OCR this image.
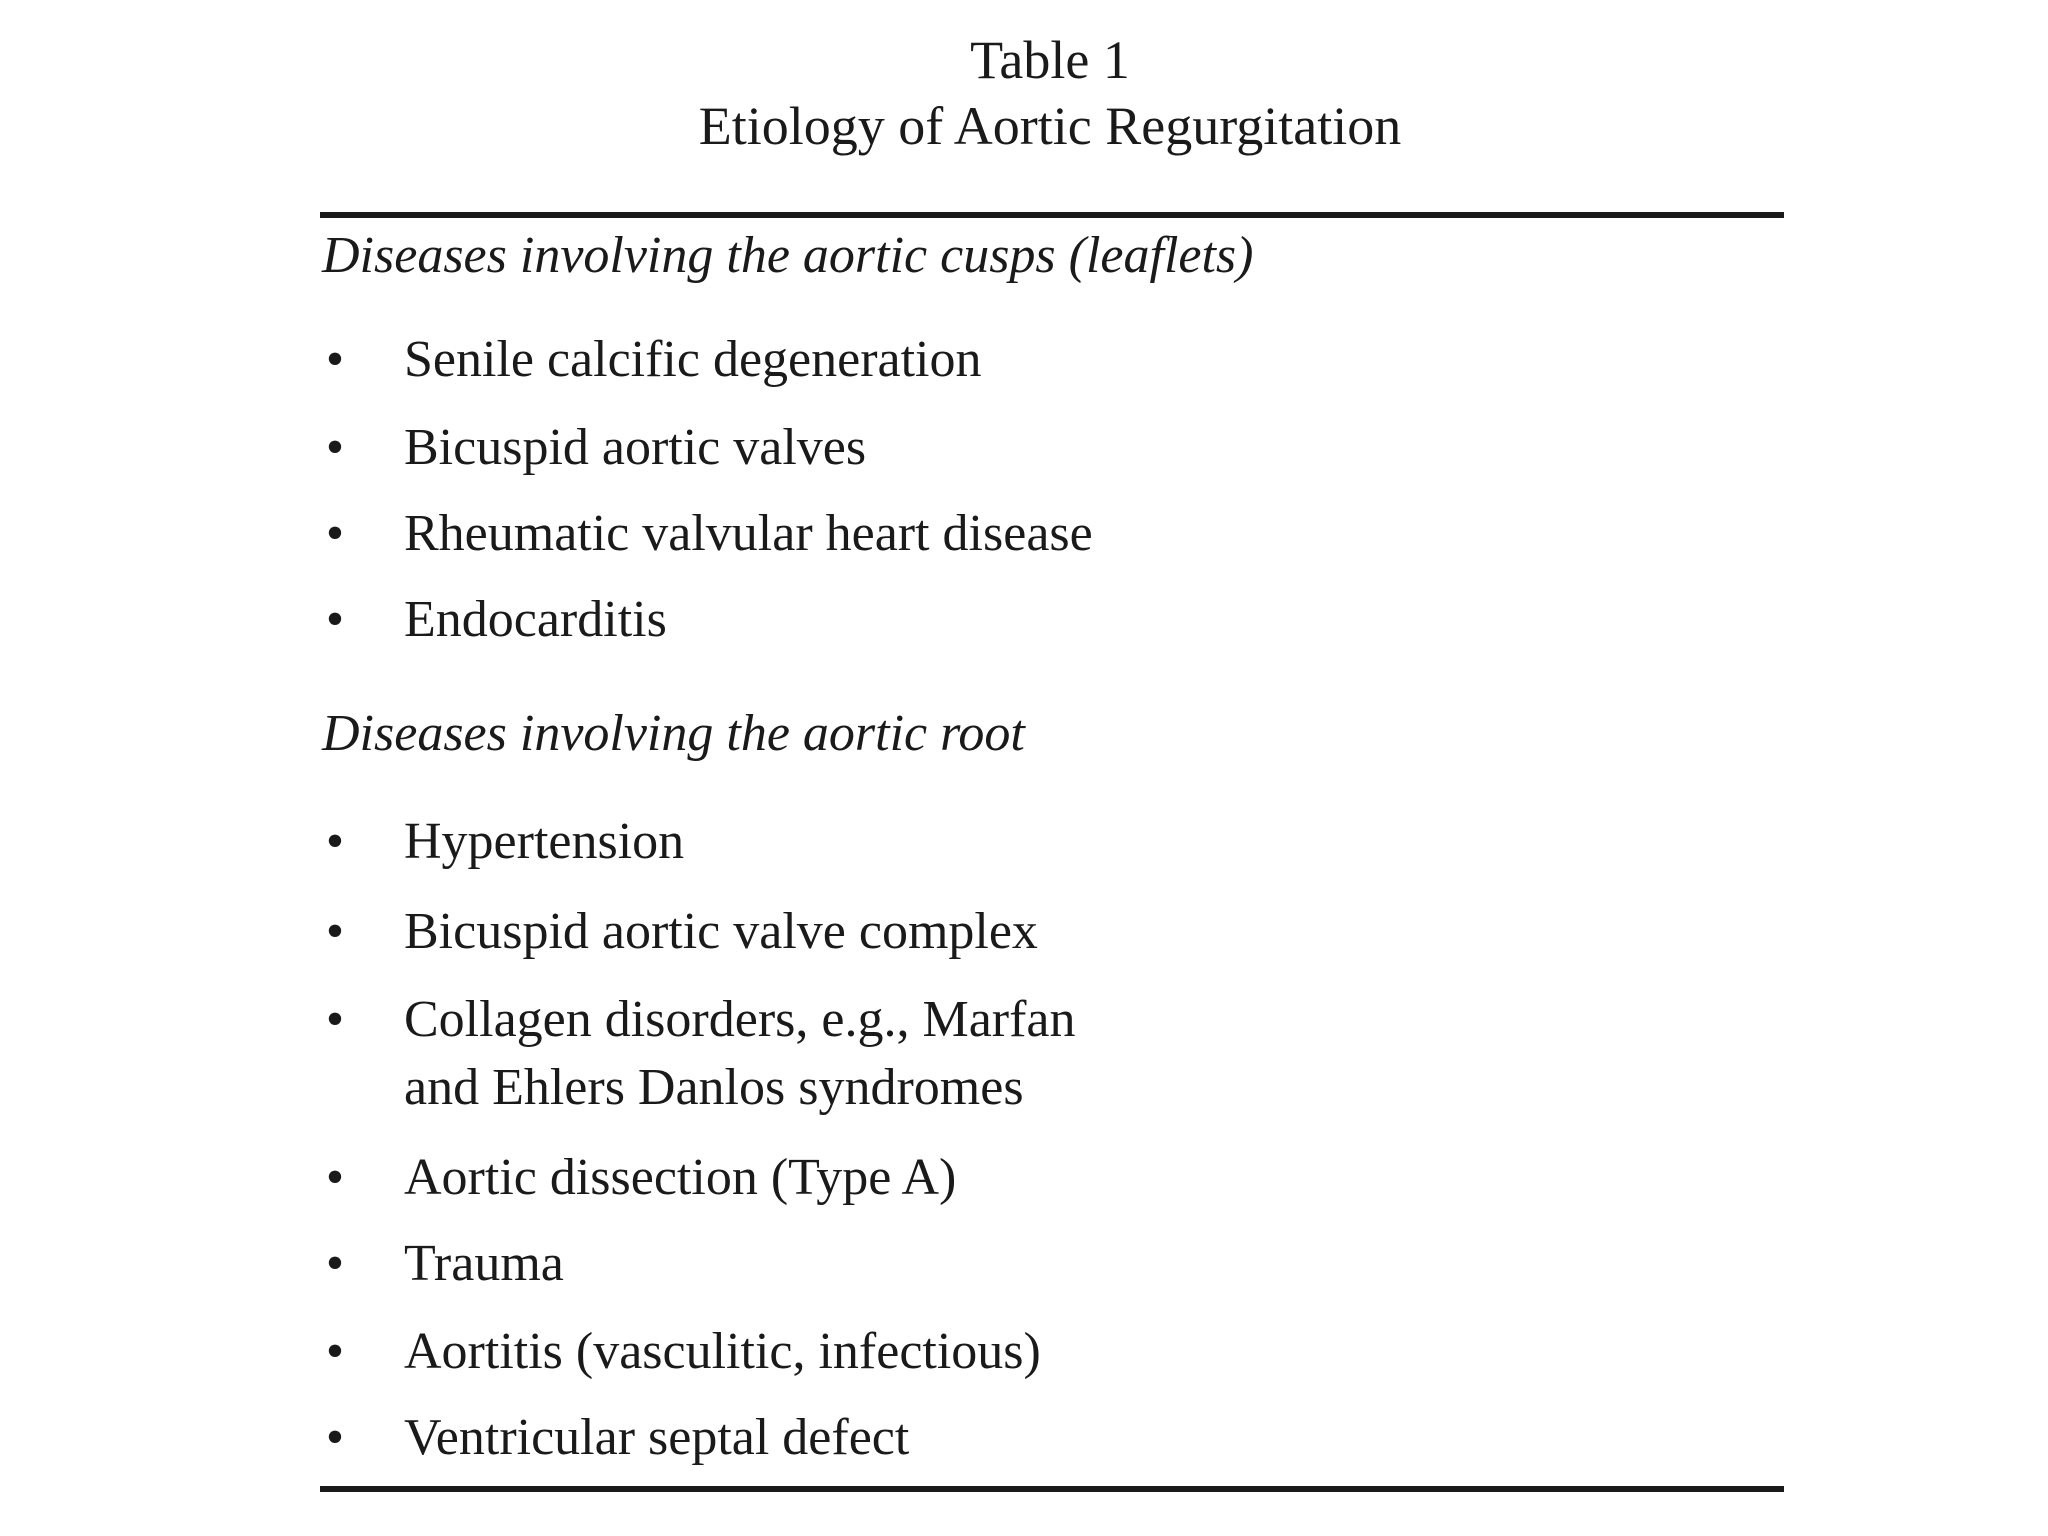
Table 1
Etiology of Aortic Regurgitation
Diseases involving the aortic cusps (leaflets)
• Senile calcific degeneration
• Bicuspid aortic valves
• Rheumatic valvular heart disease
• Endocarditis
Diseases involving the aortic root
• Hypertension
• Bicuspid aortic valve complex
• Collagen disorders, e.g., Marfan
and Ehlers Danlos syndromes
• Aortic dissection (Type A)
• Trauma
• Aortitis (vasculitic, infectious)
• Ventricular septal defect
